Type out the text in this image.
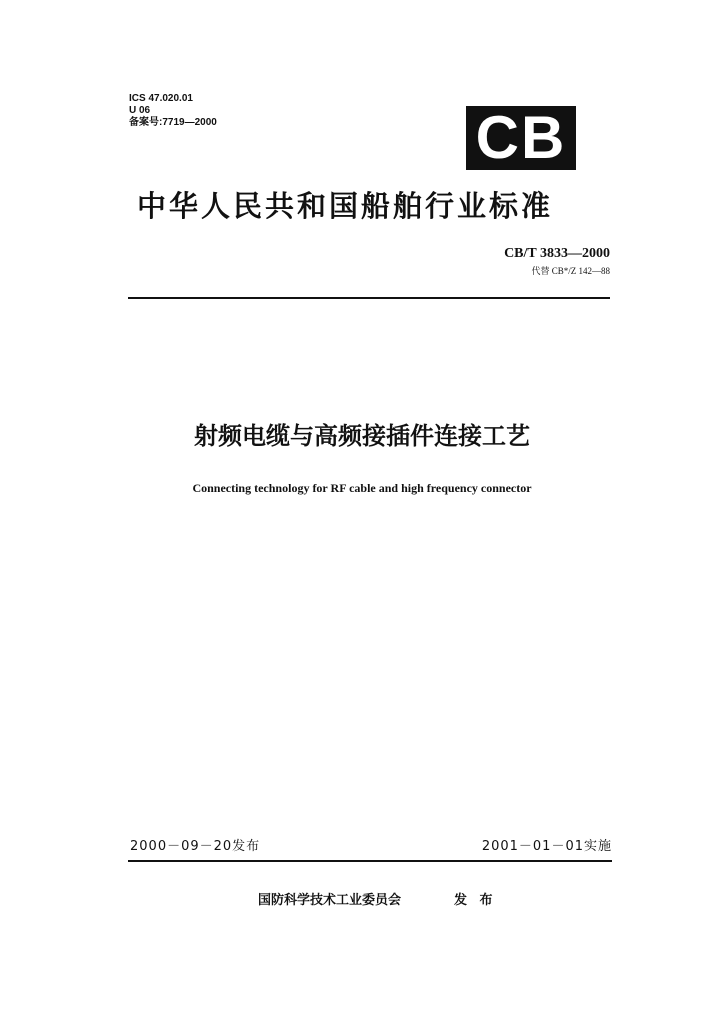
ICS 47.020.01
U 06
备案号:7719—2000	CB
中华人民共和国船舶行业标准
CB/T 3833—2000
代替 CB*/Z 142—88
射频电缆与高频接插件连接工艺
Connecting technology for RF cable and high frequency connector
2000－09－20发布	2001－01－01实施
国防科学技术工业委员会	发 布
